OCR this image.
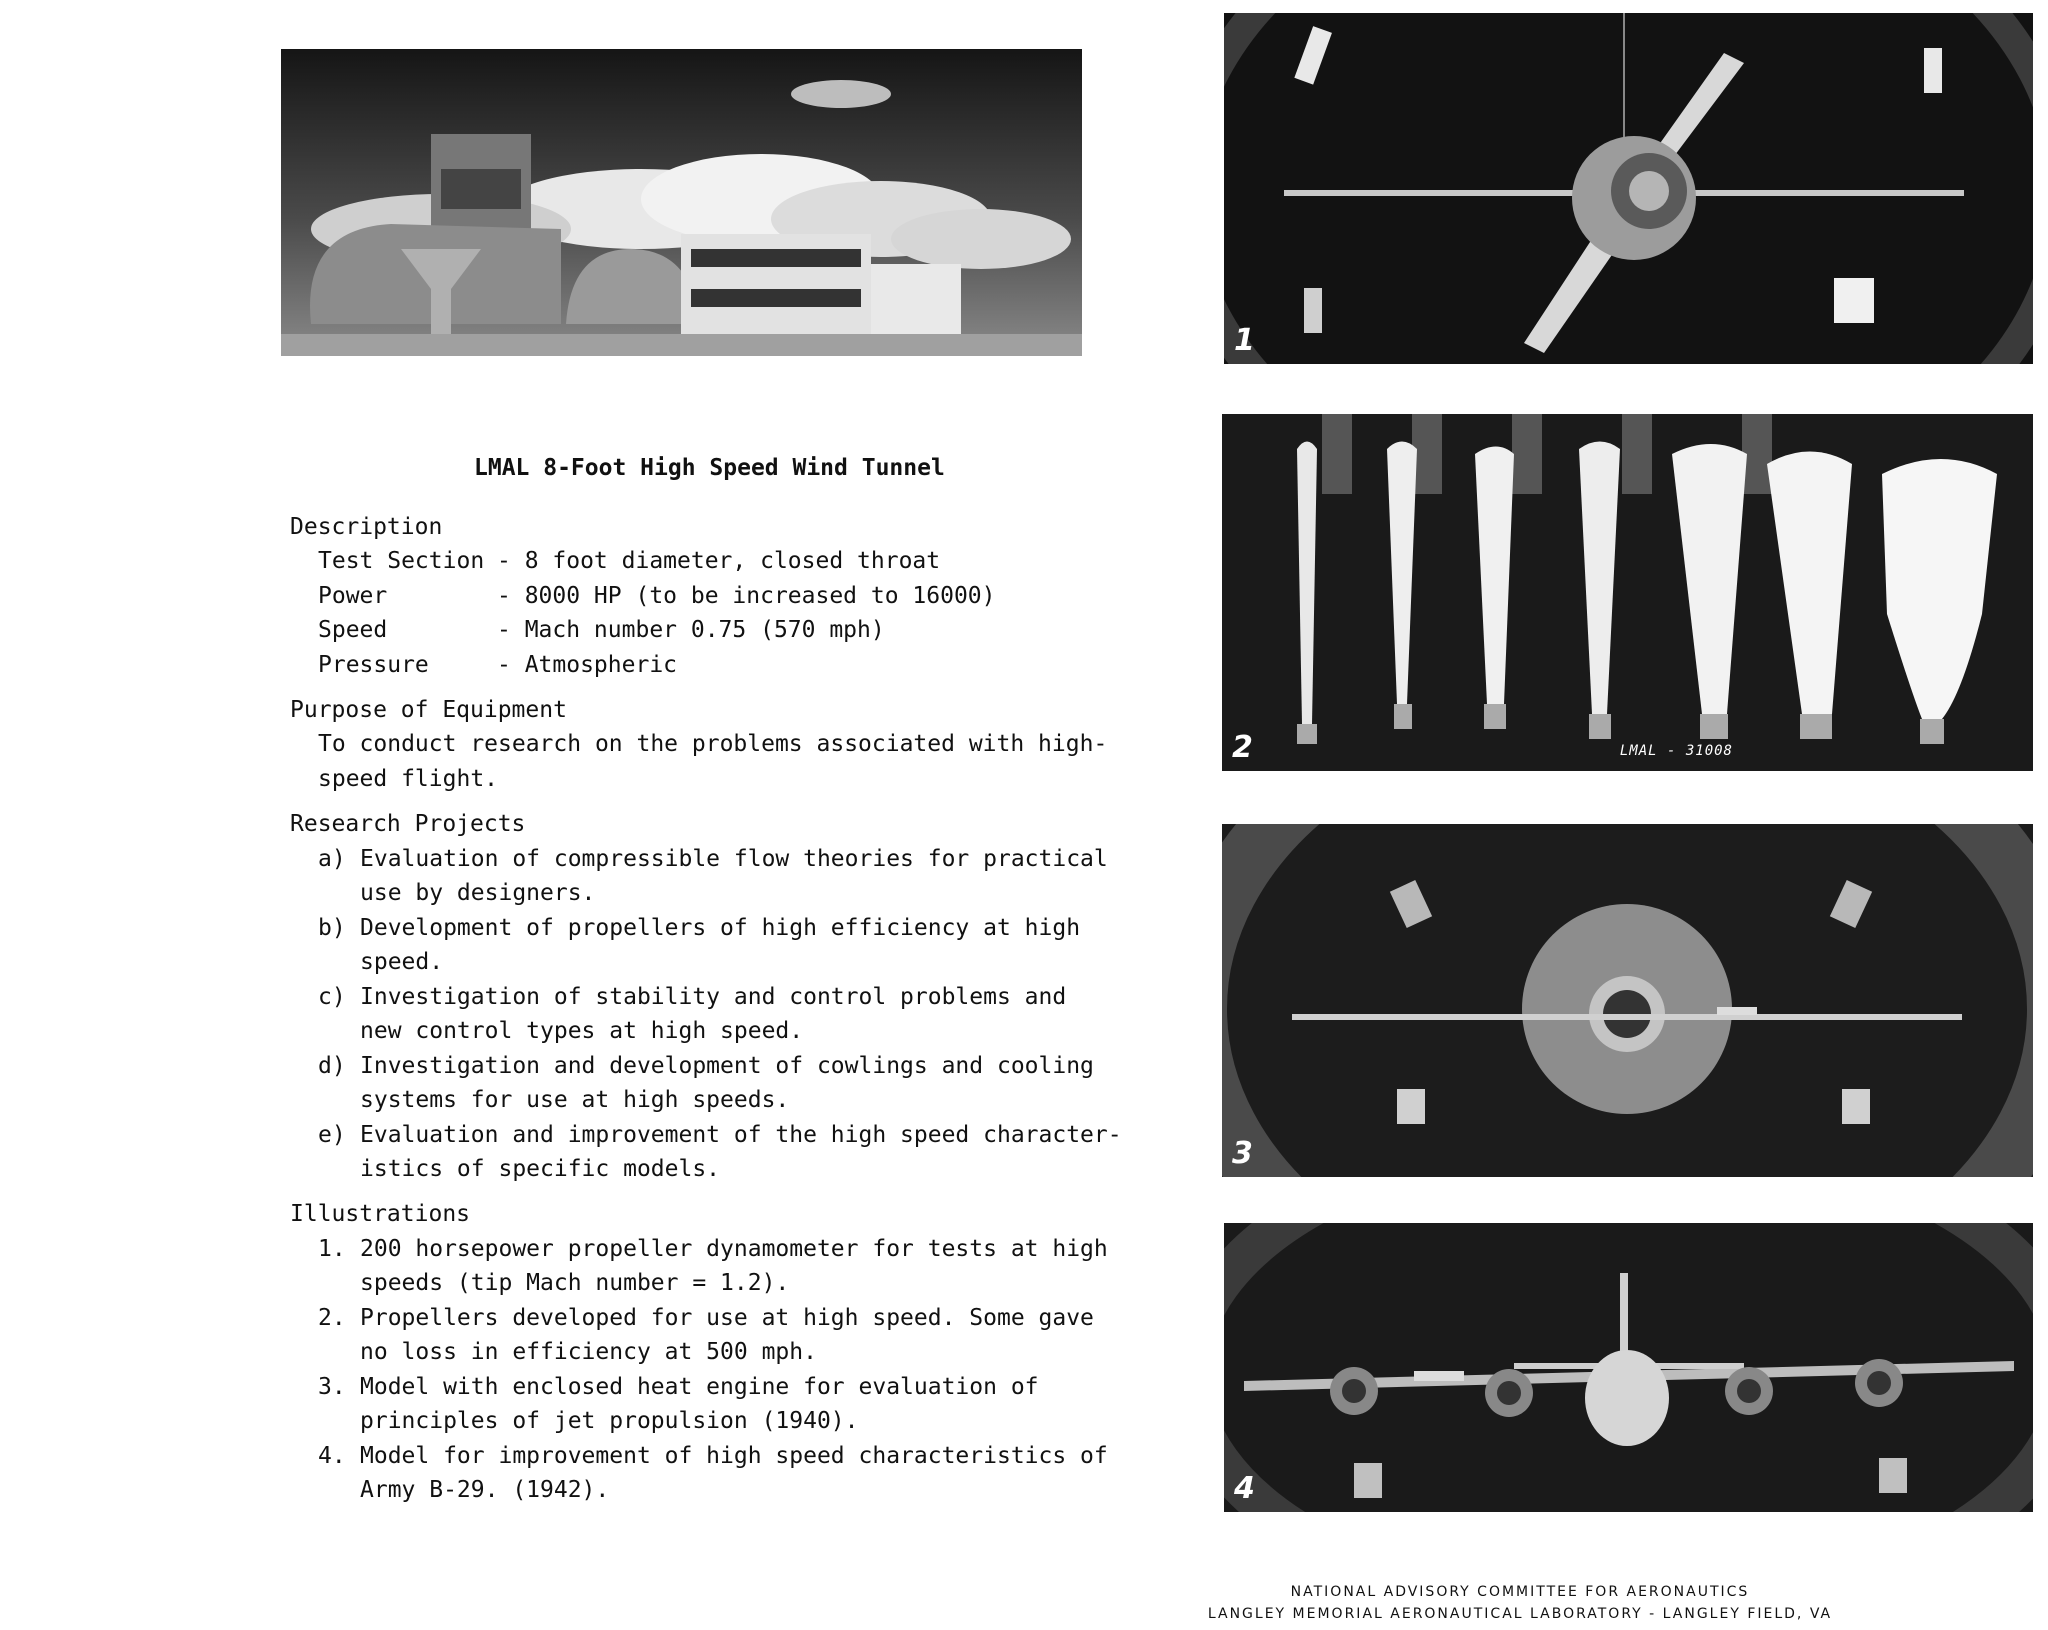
1
2	LMAL - 31008
3
4
LMAL 8-Foot High Speed Wind Tunnel
Description
Test Section - 8 foot diameter, closed throat
Power	- 8000 HP (to be increased to 16000)
Speed	- Mach number 0.75 (570 mph)
Pressure	- Atmospheric
Purpose of Equipment
To conduct research on the problems associated with high-
speed flight.
Research Projects
a) Evaluation of compressible flow theories for practical
use by designers.
b) Development of propellers of high efficiency at high
speed.
c) Investigation of stability and control problems and
new control types at high speed.
d) Investigation and development of cowlings and cooling
systems for use at high speeds.
e) Evaluation and improvement of the high speed character-
istics of specific models.
Illustrations
1. 200 horsepower propeller dynamometer for tests at high
speeds (tip Mach number = 1.2).
2. Propellers developed for use at high speed. Some gave
no loss in efficiency at 500 mph.
3. Model with enclosed heat engine for evaluation of
principles of jet propulsion (1940).
4. Model for improvement of high speed characteristics of
Army B-29. (1942).
NATIONAL ADVISORY COMMITTEE FOR AERONAUTICS
LANGLEY MEMORIAL AERONAUTICAL LABORATORY - LANGLEY FIELD, VA
